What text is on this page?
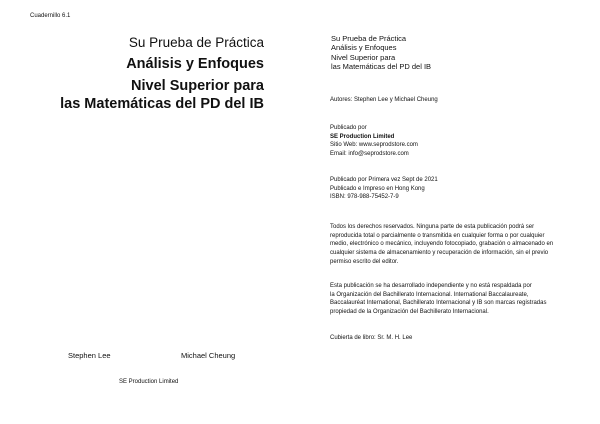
Cuadernillo 6.1
Su Prueba de Práctica
Análisis y Enfoques
Nivel Superior para
las Matemáticas del PD del IB
Stephen Lee	Michael Cheung
SE Production Limited
Su Prueba de Práctica
Análisis y Enfoques
Nivel Superior para
las Matemáticas del PD del IB
Autores: Stephen Lee y Michael Cheung
Publicado por
SE Production Limited
Sitio Web: www.seprodstore.com
Email: info@seprodstore.com
Publicado por Primera vez Sept de 2021
Publicado e Impreso en Hong Kong
ISBN: 978-988-75452-7-9
Todos los derechos reservados. Ninguna parte de esta publicación podrá ser
reproducida total o parcialmente o transmitida en cualquier forma o por cualquier
medio, electrónico o mecánico, incluyendo fotocopiado, grabación o almacenado en
cualquier sistema de almacenamiento y recuperación de información, sin el previo
permiso escrito del editor.
Esta publicación se ha desarrollado independiente y no está respaldada por
la Organización del Bachillerato Internacional. International Baccalaureate,
Baccalauréat International, Bachillerato Internacional y IB son marcas registradas
propiedad de la Organización del Bachillerato Internacional.
Cubierta de libro: Sr. M. H. Lee
